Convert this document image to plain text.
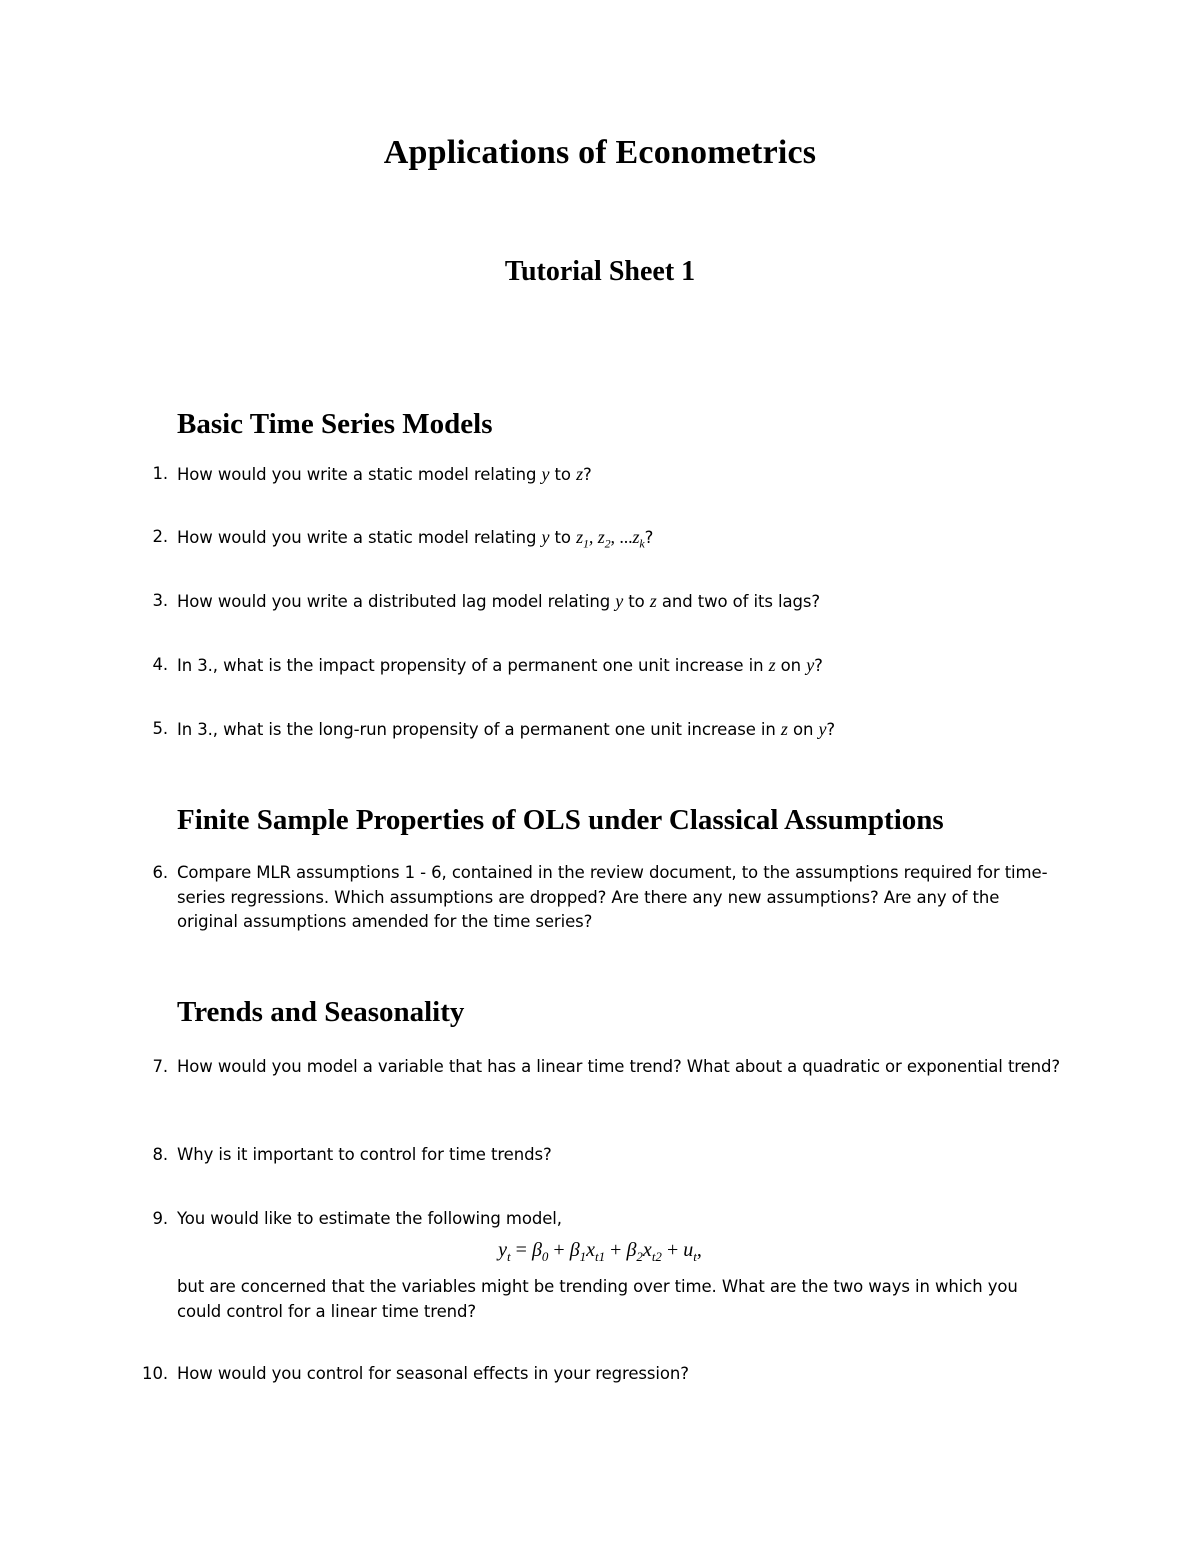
Applications of Econometrics
Tutorial Sheet 1
Basic Time Series Models
1. How would you write a static model relating y to z?
2. How would you write a static model relating y to $z_1$, $z_2$, $...z_k$?
3. How would you write a distributed lag model relating y to z and two of its lags?
4. In 3., what is the impact propensity of a permanent one unit increase in z on y?
5. In 3., what is the long-run propensity of a permanent one unit increase in z on y?
Finite Sample Properties of OLS under Classical Assumptions
6. Compare MLR assumptions 1 - 6, contained in the review document, to the assumptions required for time-series regressions. Which assumptions are dropped? Are there any new assumptions? Are any of the original assumptions amended for the time series?
Trends and Seasonality
7. How would you model a variable that has a linear time trend? What about a quadratic or exponential trend?
8. Why is it important to control for time trends?
9. You would like to estimate the following model,
$y_t = \beta_0 + \beta_1x_{t1} + \beta_2x_{t2} + u_t$,
but are concerned that the variables might be trending over time. What are the two ways in which you could control for a linear time trend?
10. How would you control for seasonal effects in your regression?
